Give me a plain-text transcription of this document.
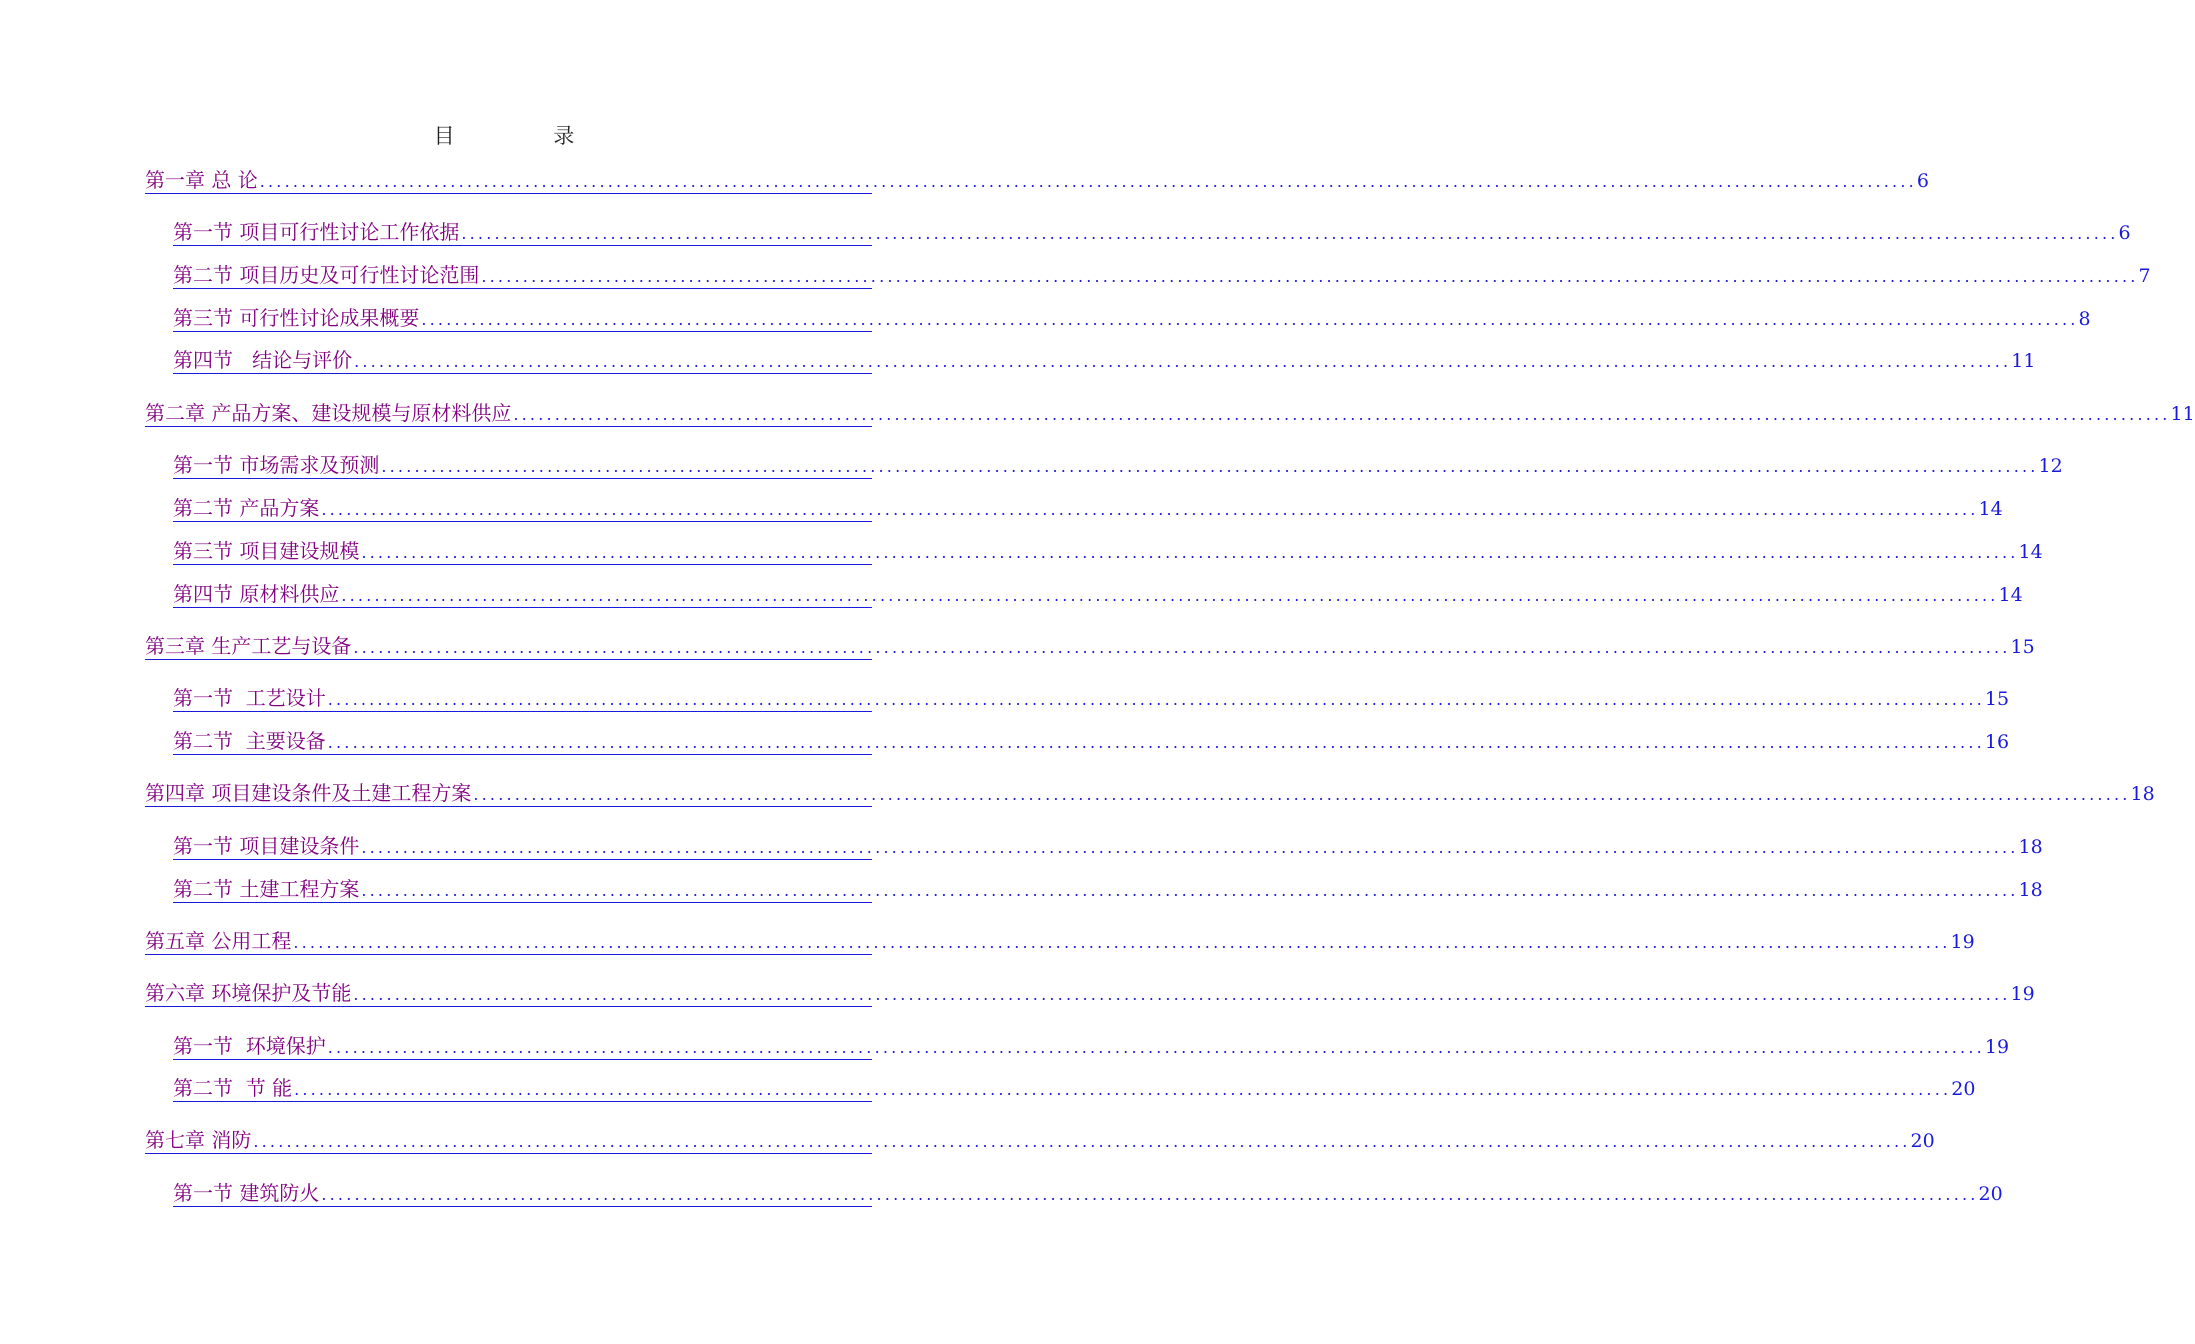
目 录
第一章 总 论 ........................................................................................................................................................................................................ 6
第一节 项目可行性讨论工作依据 ........................................................................................................................................................................................................ 6
第二节 项目历史及可行性讨论范围 ........................................................................................................................................................................................................ 7
第三节 可行性讨论成果概要 ........................................................................................................................................................................................................ 8
第四节   结论与评价 ........................................................................................................................................................................................................ 11
第二章 产品方案、建设规模与原材料供应 ........................................................................................................................................................................................................ 11
第一节 市场需求及预测 ........................................................................................................................................................................................................ 12
第二节 产品方案 ........................................................................................................................................................................................................ 14
第三节 项目建设规模 ........................................................................................................................................................................................................ 14
第四节 原材料供应 ........................................................................................................................................................................................................ 14
第三章 生产工艺与设备 ........................................................................................................................................................................................................ 15
第一节  工艺设计 ........................................................................................................................................................................................................ 15
第二节  主要设备 ........................................................................................................................................................................................................ 16
第四章 项目建设条件及土建工程方案 ........................................................................................................................................................................................................ 18
第一节 项目建设条件 ........................................................................................................................................................................................................ 18
第二节 土建工程方案 ........................................................................................................................................................................................................ 18
第五章 公用工程 ........................................................................................................................................................................................................ 19
第六章 环境保护及节能 ........................................................................................................................................................................................................ 19
第一节  环境保护 ........................................................................................................................................................................................................ 19
第二节  节 能 ........................................................................................................................................................................................................ 20
第七章 消防 ........................................................................................................................................................................................................ 20
第一节 建筑防火 ........................................................................................................................................................................................................ 20
